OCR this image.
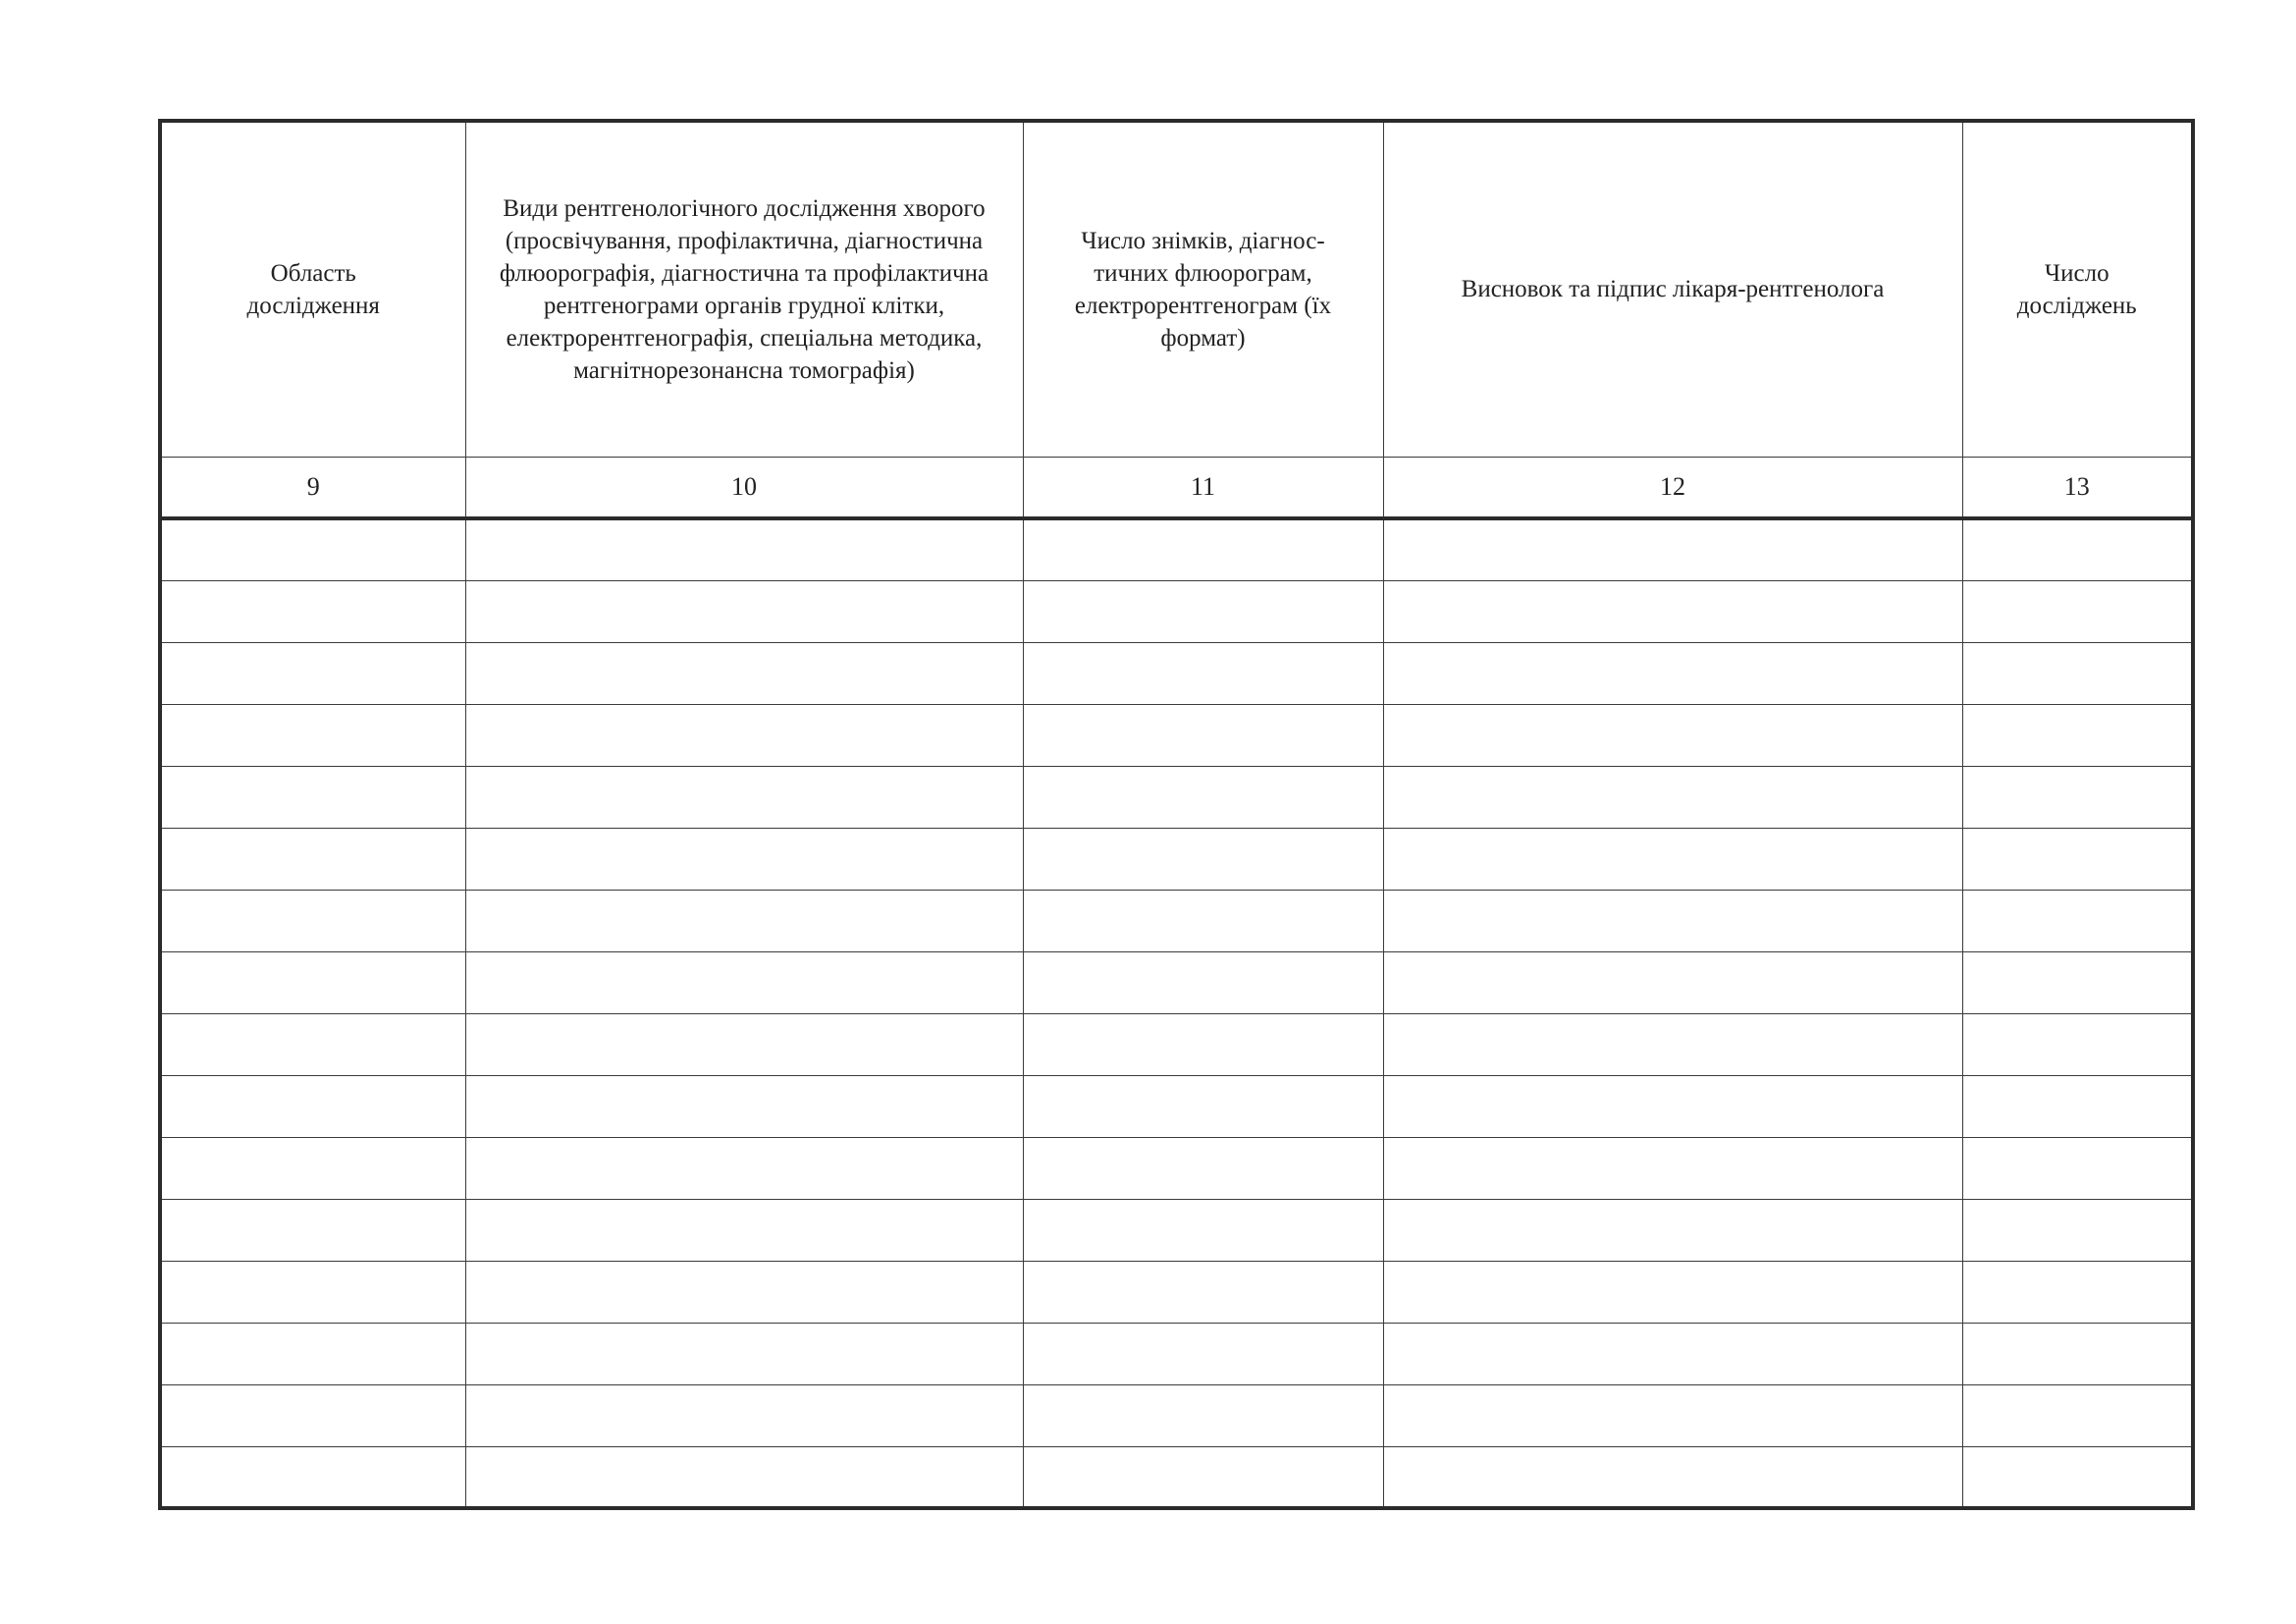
Область
дослідження	Види рентгенологічного дослідження хворого (просвічування, профілактична, діагностична флюорографія, діагностична та профілактична рентгенограми органів грудної клітки, електрорентгенографія, спеціальна методика, магнітнорезонансна томографія)	Число знімків, діагнос-тичних флюорограм, електрорентгенограм (їх формат)	Висновок та підпис лікаря-рентгенолога	Число досліджень

9	10	11	12	13
